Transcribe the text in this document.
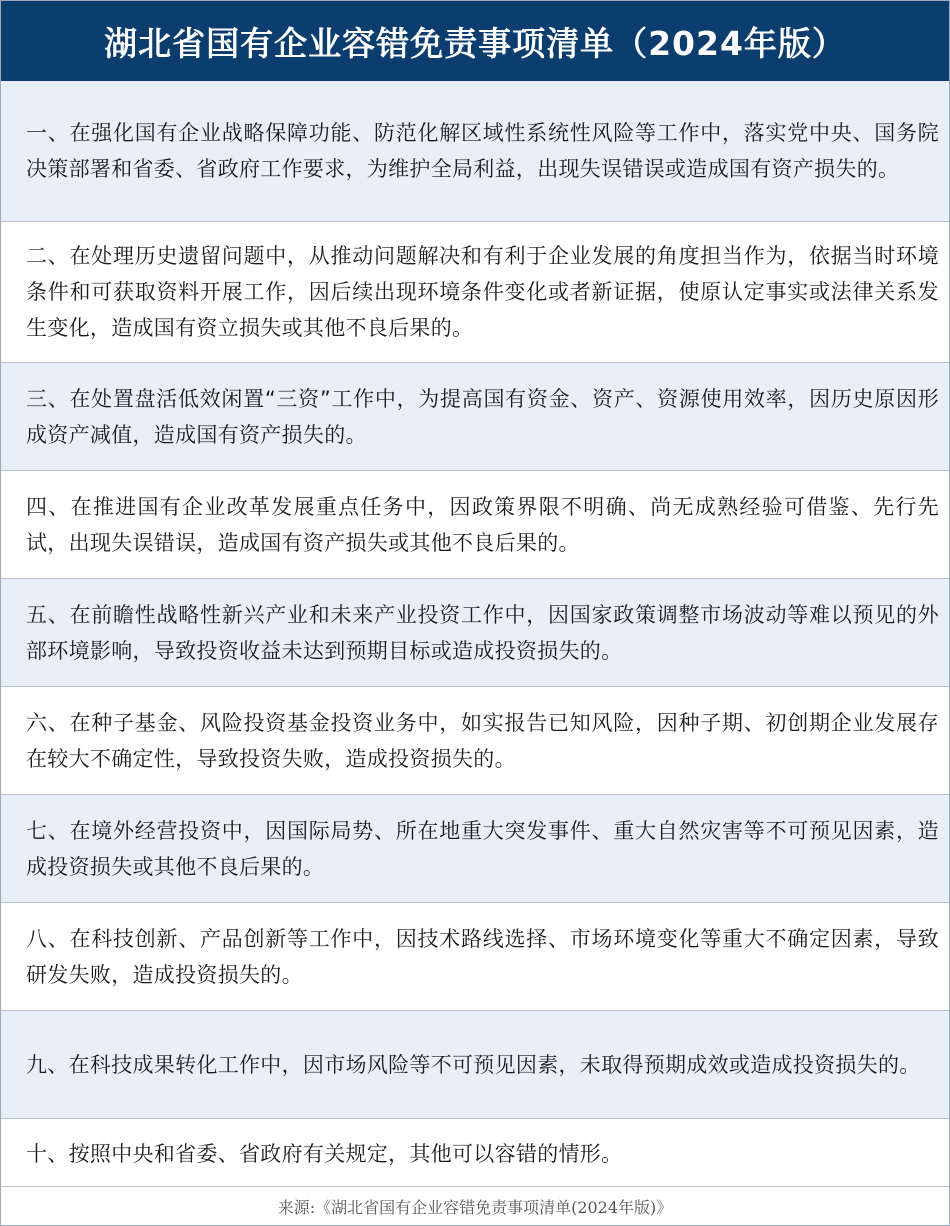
湖北省国有企业容错免责事项清单（2024年版）
一、在强化国有企业战略保障功能、防范化解区域性系统性风险等工作中，落实党中央、国务院决策部署和省委、省政府工作要求，为维护全局利益，出现失误错误或造成国有资产损失的。
二、在处理历史遗留问题中，从推动问题解决和有利于企业发展的角度担当作为，依据当时环境条件和可获取资料开展工作，因后续出现环境条件变化或者新证据，使原认定事实或法律关系发生变化，造成国有资立损失或其他不良后果的。
三、在处置盘活低效闲置“三资”工作中，为提高国有资金、资产、资源使用效率，因历史原因形成资产减值，造成国有资产损失的。
四、在推进国有企业改革发展重点任务中，因政策界限不明确、尚无成熟经验可借鉴、先行先试，出现失误错误，造成国有资产损失或其他不良后果的。
五、在前瞻性战略性新兴产业和未来产业投资工作中，因国家政策调整市场波动等难以预见的外部环境影响，导致投资收益未达到预期目标或造成投资损失的。
六、在种子基金、风险投资基金投资业务中，如实报告已知风险，因种子期、初创期企业发展存在较大不确定性，导致投资失败，造成投资损失的。
七、在境外经营投资中，因国际局势、所在地重大突发事件、重大自然灾害等不可预见因素，造成投资损失或其他不良后果的。
八、在科技创新、产品创新等工作中，因技术路线选择、市场环境变化等重大不确定因素，导致研发失败，造成投资损失的。
九、在科技成果转化工作中，因市场风险等不可预见因素，未取得预期成效或造成投资损失的。
十、按照中央和省委、省政府有关规定，其他可以容错的情形。
来源:《湖北省国有企业容错免责事项清单(2024年版)》
